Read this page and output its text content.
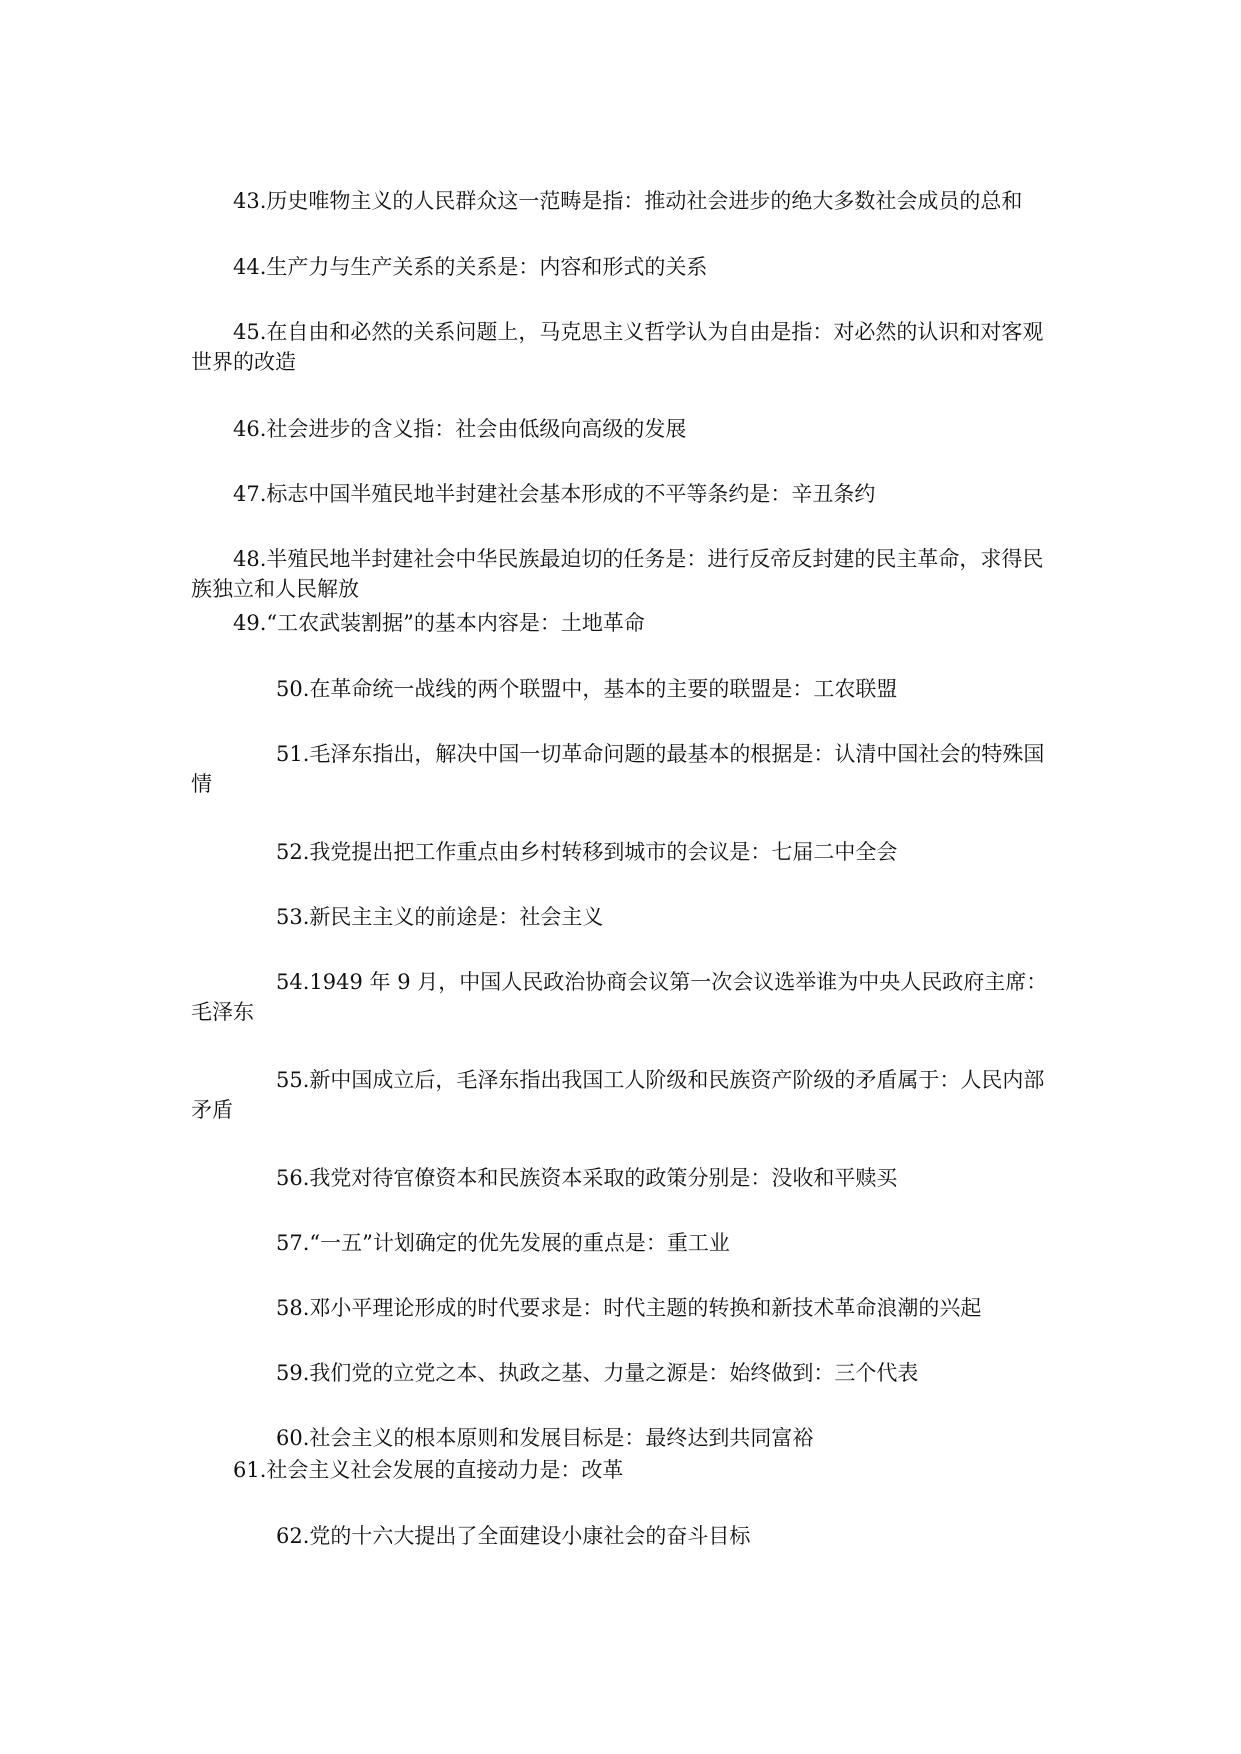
43.历史唯物主义的人民群众这一范畴是指：推动社会进步的绝大多数社会成员的总和
44.生产力与生产关系的关系是：内容和形式的关系
45.在自由和必然的关系问题上，马克思主义哲学认为自由是指：对必然的认识和对客观世界的改造
46.社会进步的含义指：社会由低级向高级的发展
47.标志中国半殖民地半封建社会基本形成的不平等条约是：辛丑条约
48.半殖民地半封建社会中华民族最迫切的任务是：进行反帝反封建的民主革命，求得民族独立和人民解放
49.“工农武装割据”的基本内容是：土地革命
50.在革命统一战线的两个联盟中，基本的主要的联盟是：工农联盟
51.毛泽东指出，解决中国一切革命问题的最基本的根据是：认清中国社会的特殊国情
52.我党提出把工作重点由乡村转移到城市的会议是：七届二中全会
53.新民主主义的前途是：社会主义
54.1949 年 9 月，中国人民政治协商会议第一次会议选举谁为中央人民政府主席：毛泽东
55.新中国成立后，毛泽东指出我国工人阶级和民族资产阶级的矛盾属于：人民内部矛盾
56.我党对待官僚资本和民族资本采取的政策分别是：没收和平赎买
57.“一五”计划确定的优先发展的重点是：重工业
58.邓小平理论形成的时代要求是：时代主题的转换和新技术革命浪潮的兴起
59.我们党的立党之本、执政之基、力量之源是：始终做到：三个代表
60.社会主义的根本原则和发展目标是：最终达到共同富裕
61.社会主义社会发展的直接动力是：改革
62.党的十六大提出了全面建设小康社会的奋斗目标
